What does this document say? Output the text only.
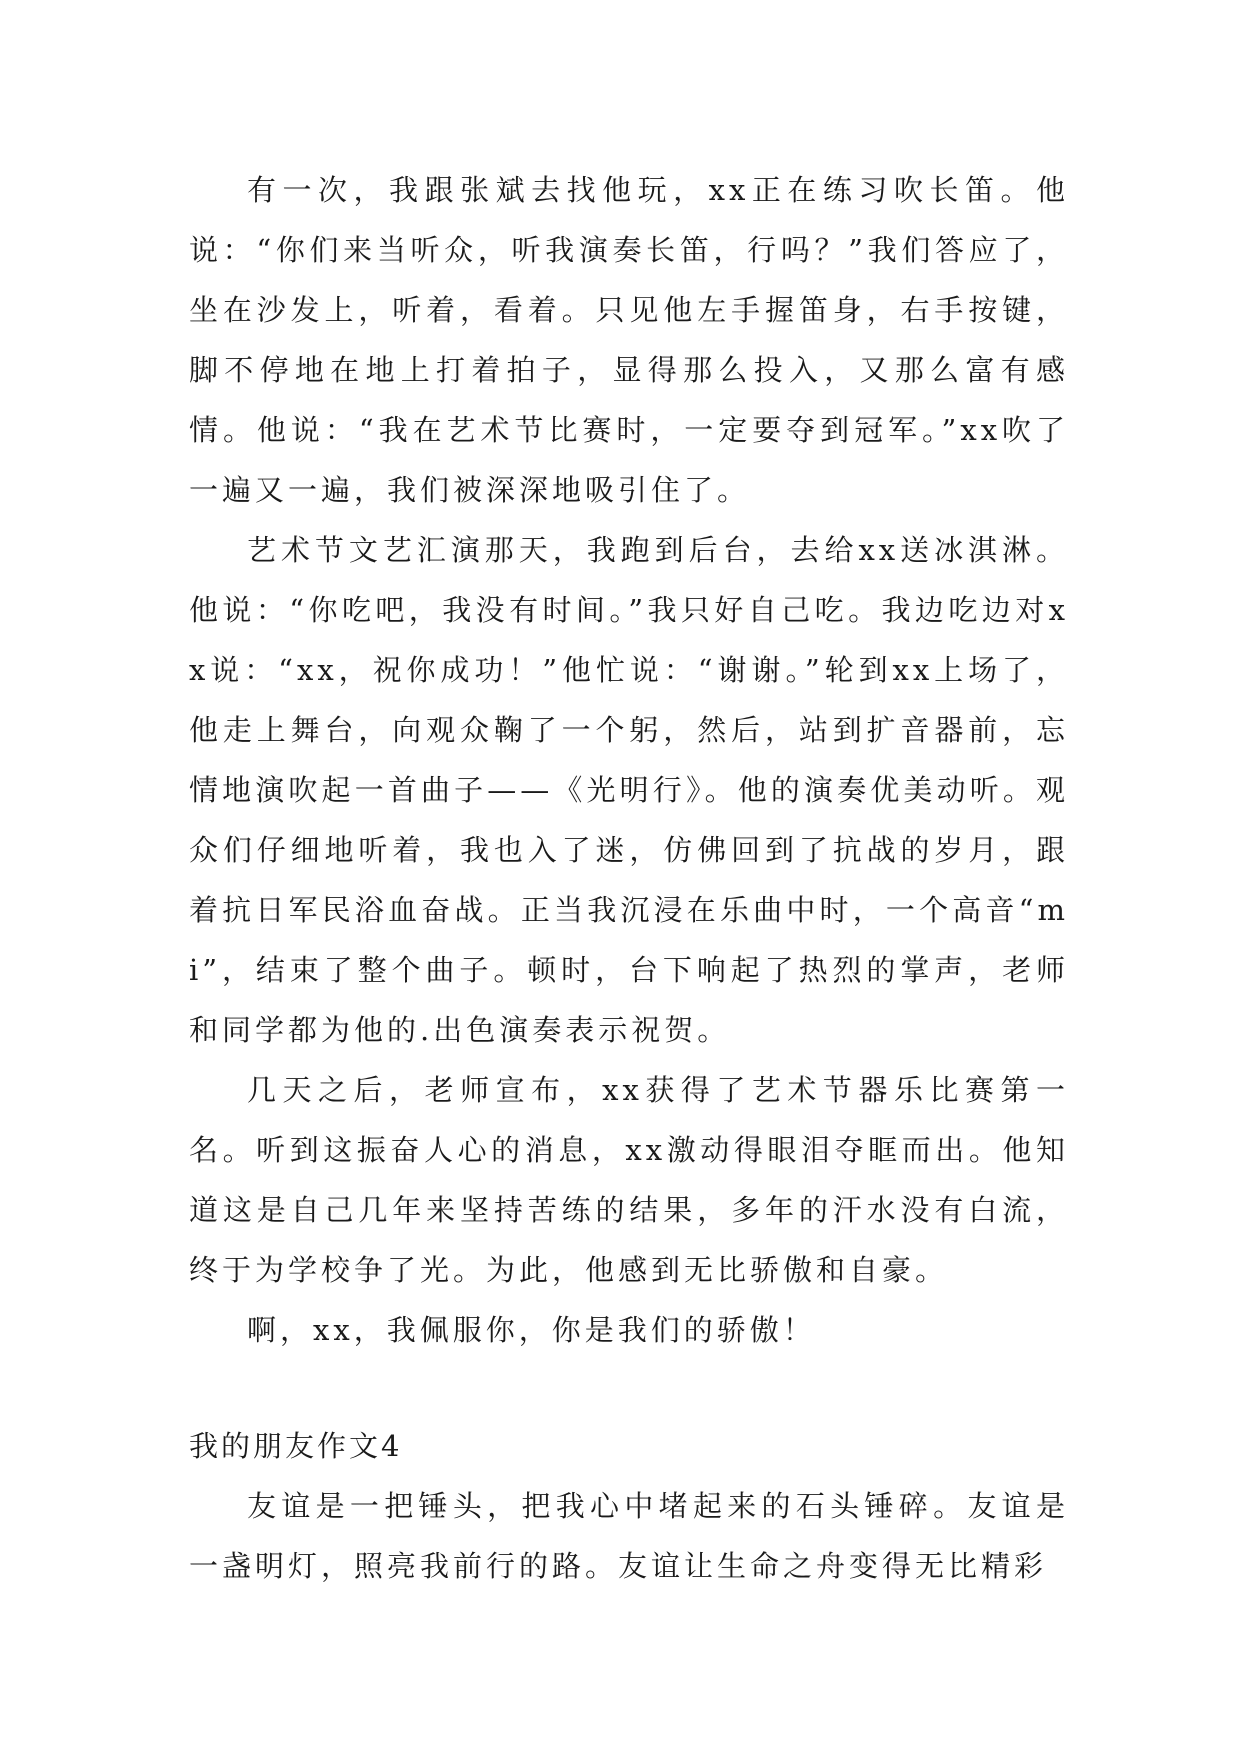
有一次，我跟张斌去找他玩，xx正在练习吹长笛。他说：“你们来当听众，听我演奏长笛，行吗？”我们答应了，坐在沙发上，听着，看着。只见他左手握笛身，右手按键，脚不停地在地上打着拍子，显得那么投入，又那么富有感情。他说：“我在艺术节比赛时，一定要夺到冠军。”xx吹了一遍又一遍，我们被深深地吸引住了。

艺术节文艺汇演那天，我跑到后台，去给xx送冰淇淋。他说：“你吃吧，我没有时间。”我只好自己吃。我边吃边对xx说：“xx，祝你成功！”他忙说：“谢谢。”轮到xx上场了，他走上舞台，向观众鞠了一个躬，然后，站到扩音器前，忘情地演吹起一首曲子——《光明行》。他的演奏优美动听。观众们仔细地听着，我也入了迷，仿佛回到了抗战的岁月，跟着抗日军民浴血奋战。正当我沉浸在乐曲中时，一个高音“mi”，结束了整个曲子。顿时，台下响起了热烈的掌声，老师和同学都为他的.出色演奏表示祝贺。

几天之后，老师宣布，xx获得了艺术节器乐比赛第一名。听到这振奋人心的消息，xx激动得眼泪夺眶而出。他知道这是自己几年来坚持苦练的结果，多年的汗水没有白流，终于为学校争了光。为此，他感到无比骄傲和自豪。

啊，xx，我佩服你，你是我们的骄傲！

我的朋友作文4

友谊是一把锤头，把我心中堵起来的石头锤碎。友谊是一盏明灯，照亮我前行的路。友谊让生命之舟变得无比精彩
